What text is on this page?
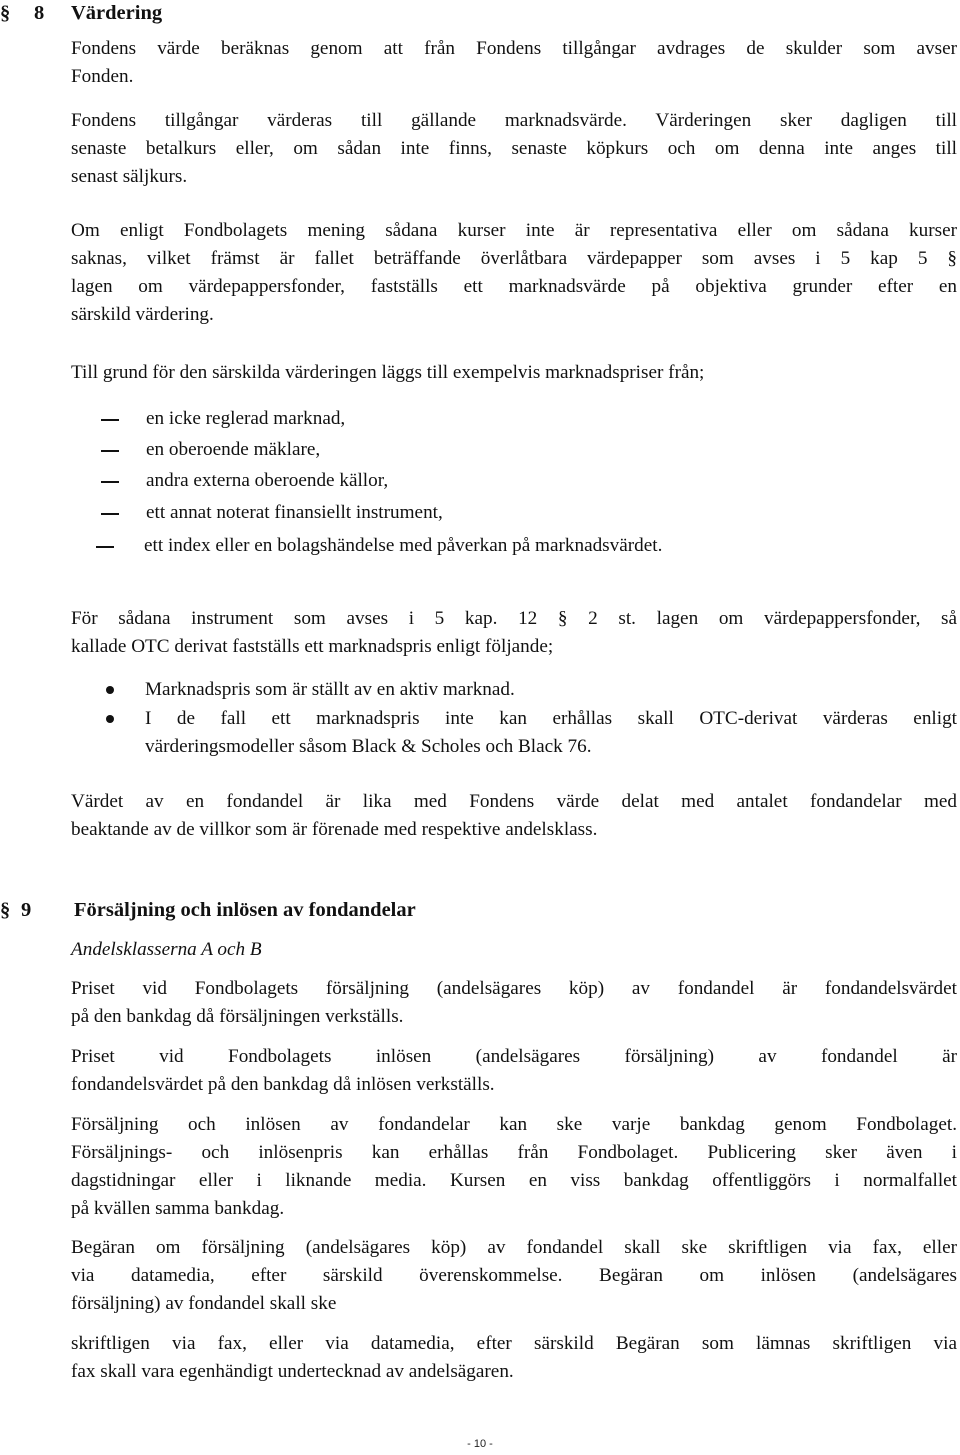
§ 8 Värdering
Fondens värde beräknas genom att från Fondens tillgångar avdrages de skulder som avser
Fonden.
Fondens tillgångar värderas till gällande marknadsvärde. Värderingen sker dagligen till
senaste betalkurs eller, om sådan inte finns, senaste köpkurs och om denna inte anges till
senast säljkurs.
Om enligt Fondbolagets mening sådana kurser inte är representativa eller om sådana kurser
saknas, vilket främst är fallet beträffande överlåtbara värdepapper som avses i 5 kap 5 §
lagen om värdepappersfonder, fastställs ett marknadsvärde på objektiva grunder efter en
särskild värdering.
Till grund för den särskilda värderingen läggs till exempelvis marknadspriser från;
en icke reglerad marknad,
en oberoende mäklare,
andra externa oberoende källor,
ett annat noterat finansiellt instrument,
ett index eller en bolagshändelse med påverkan på marknadsvärdet.
För sådana instrument som avses i 5 kap. 12 § 2 st. lagen om värdepappersfonder, så
kallade OTC derivat fastställs ett marknadspris enligt följande;
Marknadspris som är ställt av en aktiv marknad.
I de fall ett marknadspris inte kan erhållas skall OTC-derivat värderas enligt
värderingsmodeller såsom Black & Scholes och Black 76.
Värdet av en fondandel är lika med Fondens värde delat med antalet fondandelar med
beaktande av de villkor som är förenade med respektive andelsklass.
§ 9 Försäljning och inlösen av fondandelar
Andelsklasserna A och B
Priset vid Fondbolagets försäljning (andelsägares köp) av fondandel är fondandelsvärdet
på den bankdag då försäljningen verkställs.
Priset vid Fondbolagets inlösen (andelsägares försäljning) av fondandel är
fondandelsvärdet på den bankdag då inlösen verkställs.
Försäljning och inlösen av fondandelar kan ske varje bankdag genom Fondbolaget.
Försäljnings- och inlösenpris kan erhållas från Fondbolaget. Publicering sker även i
dagstidningar eller i liknande media. Kursen en viss bankdag offentliggörs i normalfallet
på kvällen samma bankdag.
Begäran om försäljning (andelsägares köp) av fondandel skall ske skriftligen via fax, eller
via datamedia, efter särskild överenskommelse. Begäran om inlösen (andelsägares
försäljning) av fondandel skall ske
skriftligen via fax, eller via datamedia, efter särskild Begäran som lämnas skriftligen via
fax skall vara egenhändigt undertecknad av andelsägaren.
- 10 -
